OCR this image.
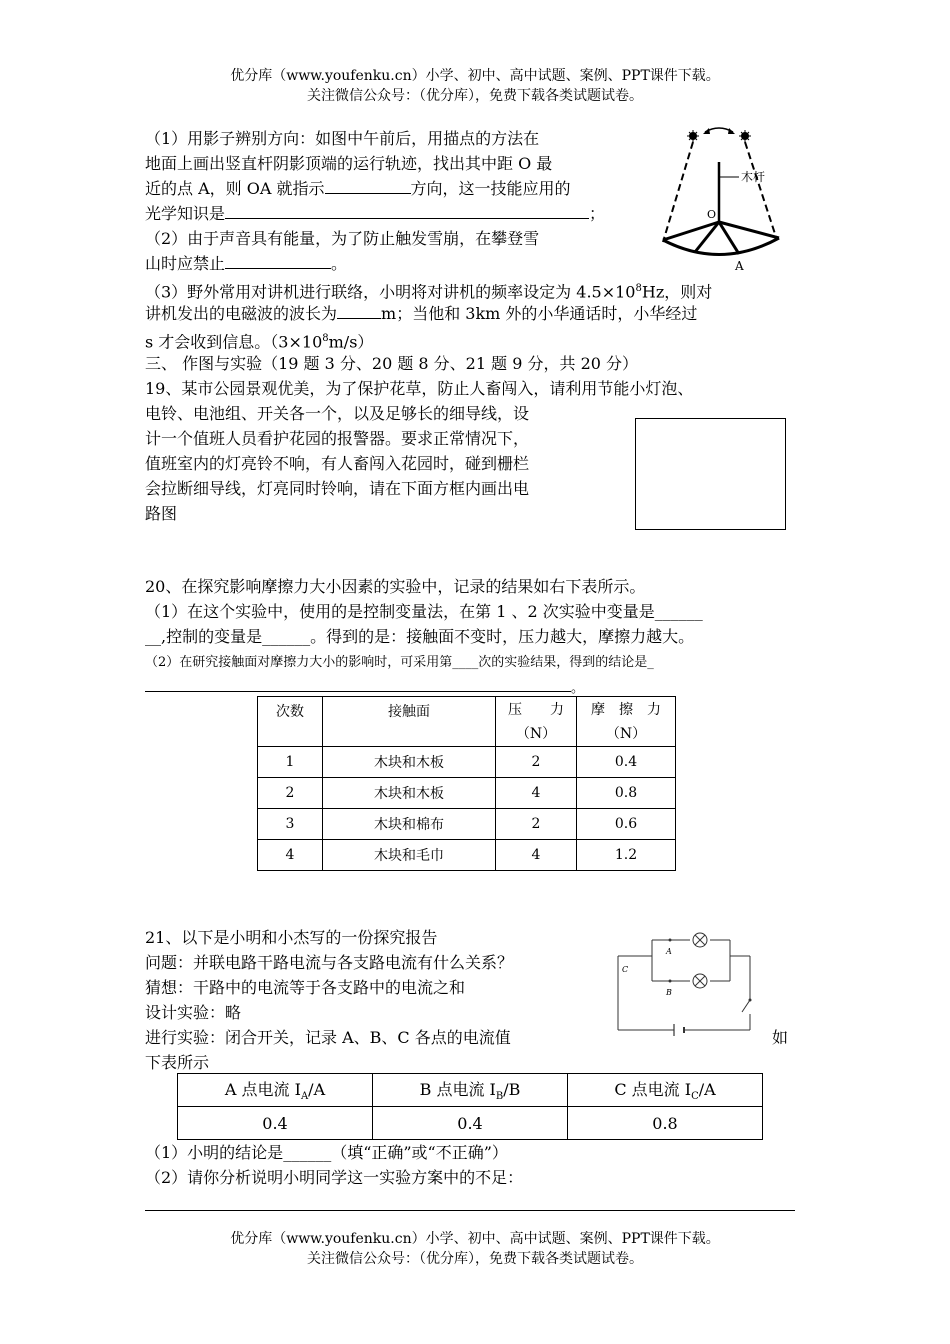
优分库（www.youfenku.cn）小学、初中、高中试题、案例、PPT课件下载。
关注微信公众号：（优分库），免费下载各类试题试卷。
（1）用影子辨别方向：如图中午前后，用描点的方法在
地面上画出竖直杆阴影顶端的运行轨迹，找出其中距 O 最
近的点 A，则 OA 就指示	方向，这一技能应用的
光学知识是	；
（2）由于声音具有能量，为了防止触发雪崩，在攀登雪
山时应禁止	。
（3）野外常用对讲机进行联络，小明将对讲机的频率设定为 $4.5\times 10^8Hz$，则对
讲机发出的电磁波的波长为	m；当他和 3km 外的小华通话时，小华经过
s 才会收到信息。$(3\times 10^8m/s)$
木杆
O
A
三、 作图与实验（19 题 3 分、20 题 8 分、21 题 9 分，共 20 分）
19、某市公园景观优美，为了保护花草，防止人畜闯入，请利用节能小灯泡、
电铃、电池组、开关各一个，以及足够长的细导线，设
计一个值班人员看护花园的报警器。要求正常情况下，
值班室内的灯亮铃不响，有人畜闯入花园时，碰到栅栏
会拉断细导线，灯亮同时铃响，请在下面方框内画出电
路图
20、在探究影响摩擦力大小因素的实验中，记录的结果如右下表所示。
（1）在这个实验中，使用的是控制变量法，在第 1 、2 次实验中变量是______
__,控制的变量是______。得到的是：接触面不变时，压力越大，摩擦力越大。
（2）在研究接触面对摩擦力大小的影响时，可采用第____次的实验结果，得到的结论是_
。
次数	接触面	压　　力（N）	摩　擦　力（N）
1	木块和木板	2	0.4
2	木块和木板	4	0.8
3	木块和棉布	2	0.6
4	木块和毛巾	4	1.2
21、以下是小明和小杰写的一份探究报告
问题：并联电路干路电流与各支路电流有什么关系？
猜想：干路中的电流等于各支路中的电流之和
设计实验：略
进行实验：闭合开关，记录 A、B、C 各点的电流值	如
下表所示
A
B
C
A 点电流 $I_A/A$	B 点电流 $I_B/B$	C 点电流 $I_C/A$
0.4	0.4	0.8
（1）小明的结论是______（填“正确”或“不正确”）
（2）请你分析说明小明同学这一实验方案中的不足：
优分库（www.youfenku.cn）小学、初中、高中试题、案例、PPT课件下载。
关注微信公众号：（优分库），免费下载各类试题试卷。
